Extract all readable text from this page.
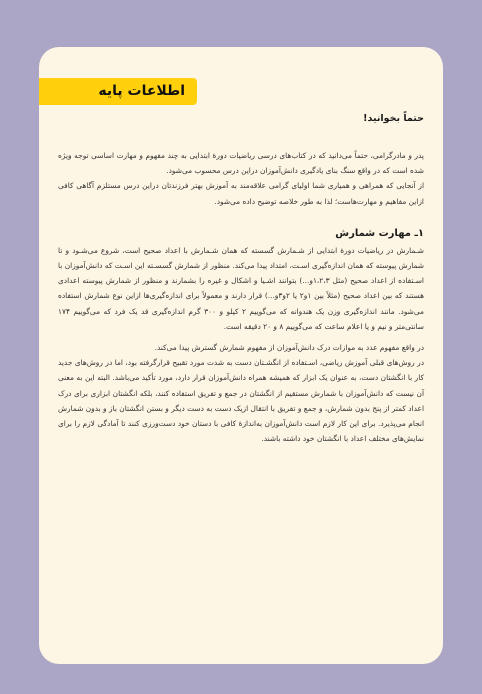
اطلاعات پایه

حتماً بخوانید!

پدر و مادرگرامی، حتماً می‌دانید که در کتاب‌های درسی ریاضیات دورهٔ ابتدایی به چند مفهوم و مهارت اساسی توجه ویژه شده است که در واقع سنگ بنای یادگیری دانش‌آموزان دراین درس محسوب می‌شود.

از آنجایی که همراهی و همیاری شما اولیای گرامی علاقه‌مند به آموزش بهتر فرزندتان دراین درس مستلزم آگاهی کافی ازاین مفاهیم و مهارت‌هاست؛ لذا به طور خلاصه توضیح داده می‌شود.

۱ـ مهارت شمارش

شـمارش در ریاضیات دورهٔ ابتدایی از شـمارش گسسته که همان شـمارش با اعداد صحیح است، شروع می‌شـود و تا شمارش پیوسته که همان اندازه‌گیری اسـت، امتداد پیدا می‌کند. منظور از شمارش گسسـته این اسـت که دانش‌آموزان با اسـتفاده از اعداد صحیح (مثل ۱،۲،۳و...) بتوانند اشـیا و اشکال و غیره را بشمارند و منظور از شمارش پیوسته اعدادی هستند که بین اعداد صحیح (مثلاً بین ۱و۲ یا ۲و۳و...) قرار دارند و معمولاً برای اندازه‌گیری‌ها ازاین نوع شمارش استفاده می‌شود. مانند اندازه‌گیری وزن یک هندوانه که می‌گوییم ۲ کیلو و ۳۰۰ گرم اندازه‌گیری قد یک فرد که می‌گوییم ۱۷۴ سانتی‌متر و نیم و یا اعلام ساعت که می‌گوییم ۸ و ۲۰ دقیقه است.

در واقع مفهوم عدد به موازات درک دانش‌آموزان از مفهوم شمارش گسترش پیدا می‌کند.

در روش‌های قبلی آموزش ریاضی، اسـتفاده از انگشـتان دست به شدت مورد تقبیح قرارگرفته بود، اما در روش‌های جدید کار با انگشتان دست، به عنوان یک ابزار که همیشه همراه دانش‌آموزان قرار دارد، مورد تأکید می‌باشد. البته این به معنی آن نیست که دانش‌آموزان با شمارش مستقیم از انگشتان در جمع و تفریق استفاده کنند، بلکه انگشتان ابزاری برای درک اعداد کمتر از پنج بدون شمارش، و جمع و تفریق با انتقال ازیک دست به دست دیگر و بستن انگشتان باز و بدون شمارش انجام می‌پذیرد. برای این کار لازم است دانش‌آموزان به‌اندازهٔ کافی با دستان خود دست‌ورزی کنند تا آمادگی لازم را برای نمایش‌های مختلف اعداد با انگشتان خود داشته باشند.
